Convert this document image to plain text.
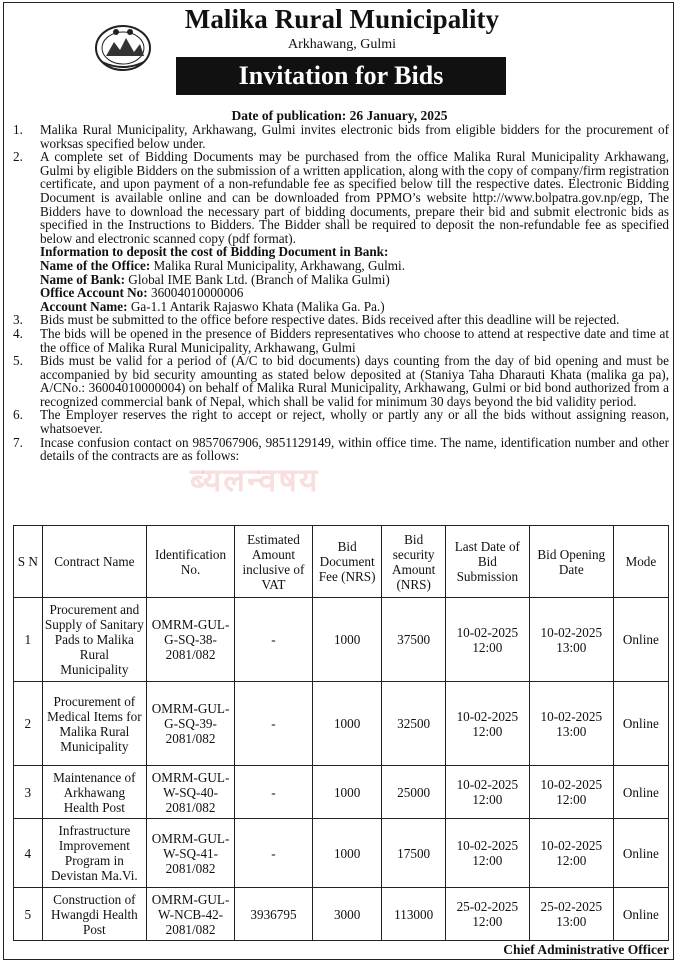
Malika Rural Municipality
Arkhawang, Gulmi
Invitation for Bids
Date of publication: 26 January, 2025
ब्यलन्वषय
1.	Malika Rural Municipality, Arkhawang, Gulmi invites electronic bids from eligible bidders for the procurement of worksas specified below under.
2.	A complete set of Bidding Documents may be purchased from the office Malika Rural Municipality Arkhawang, Gulmi by eligible Bidders on the submission of a written application, along with the copy of company/firm registration certificate, and upon payment of a non-refundable fee as specified below till the respective dates. Electronic Bidding Document is available online and can be downloaded from PPMO’s website http://www.bolpatra.gov.np/egp, The Bidders have to download the necessary part of bidding documents, prepare their bid and submit electronic bids as specified in the Instructions to Bidders. The Bidder shall be required to deposit the non-refundable fee as specified below and electronic scanned copy (pdf format).
Information to deposit the cost of Bidding Document in Bank:
Name of the Office: Malika Rural Municipality, Arkhawang, Gulmi.
Name of Bank: Global IME Bank Ltd. (Branch of Malika Gulmi)
Office Account No: 36004010000006
Account Name: Ga-1.1 Antarik Rajaswo Khata (Malika Ga. Pa.)
3.	Bids must be submitted to the office before respective dates. Bids received after this deadline will be rejected.
4.	The bids will be opened in the presence of Bidders representatives who choose to attend at respective date and time at the office of Malika Rural Municipality, Arkhawang, Gulmi
5.	Bids must be valid for a period of (A/C to bid documents) days counting from the day of bid opening and must be accompanied by bid security amounting as stated below deposited at (Staniya Taha Dharauti Khata (malika ga pa), A/CNo.: 36004010000004) on behalf of Malika Rural Municipality, Arkhawang, Gulmi or bid bond authorized from a recognized commercial bank of Nepal, which shall be valid for minimum 30 days beyond the bid validity period.
6.	The Employer reserves the right to accept or reject, wholly or partly any or all the bids without assigning reason, whatsoever.
7.	Incase confusion contact on 9857067906, 9851129149, within office time. The name, identification number and other details of the contracts are as follows:
S N	Contract Name	Identification No.	Estimated Amount inclusive of VAT	Bid Document Fee (NRS)	Bid security Amount (NRS)	Last Date of Bid Submission	Bid Opening Date	Mode
1	Procurement and Supply of Sanitary Pads to Malika Rural Municipality	OMRM-GUL-G-SQ-38-2081/082	-	1000	37500	10-02-2025 12:00	10-02-2025 13:00	Online
2	Procurement of Medical Items for Malika Rural Municipality	OMRM-GUL-G-SQ-39-2081/082	-	1000	32500	10-02-2025 12:00	10-02-2025 13:00	Online
3	Maintenance of Arkhawang Health Post	OMRM-GUL-W-SQ-40-2081/082	-	1000	25000	10-02-2025 12:00	10-02-2025 12:00	Online
4	Infrastructure Improvement Program in Devistan Ma.Vi.	OMRM-GUL-W-SQ-41-2081/082	-	1000	17500	10-02-2025 12:00	10-02-2025 12:00	Online
5	Construction of Hwangdi Health Post	OMRM-GUL-W-NCB-42-2081/082	3936795	3000	113000	25-02-2025 12:00	25-02-2025 13:00	Online
Chief Administrative Officer
